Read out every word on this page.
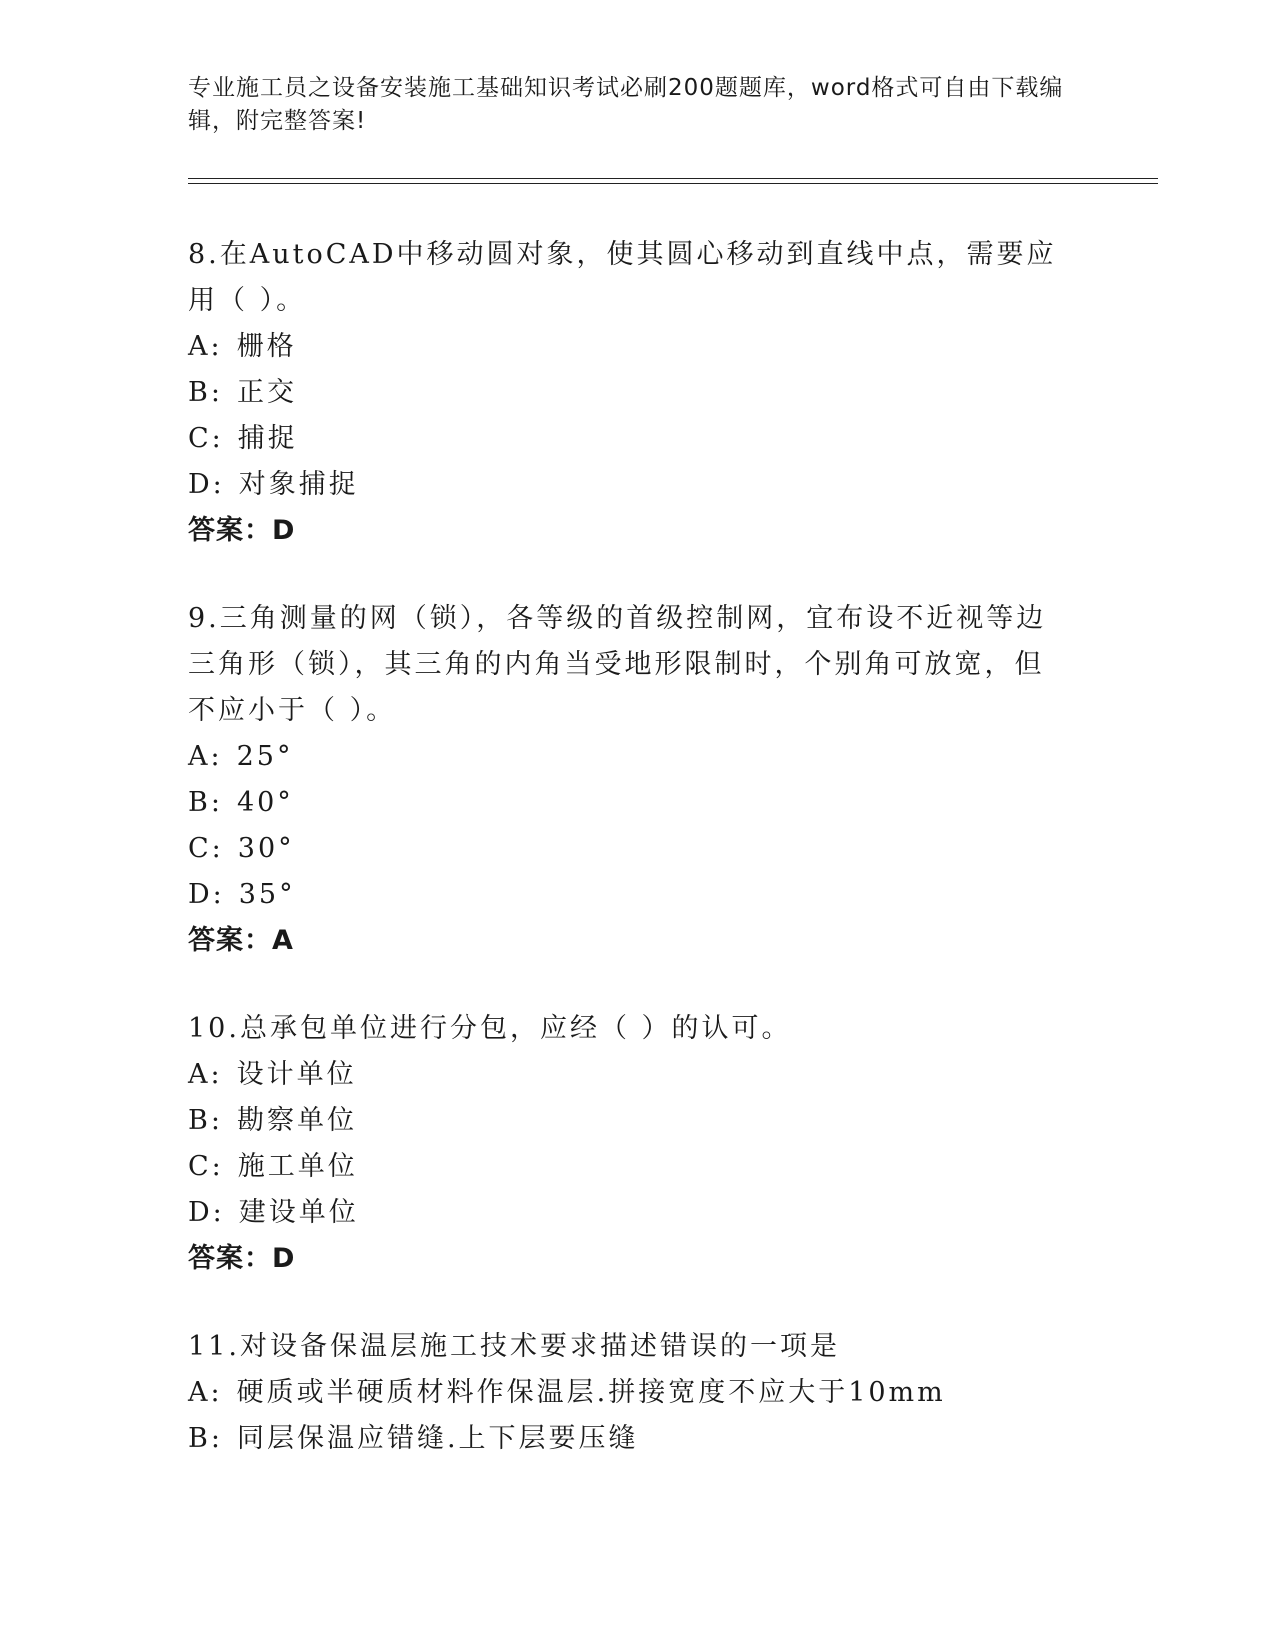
专业施工员之设备安装施工基础知识考试必刷200题题库，word格式可自由下载编辑，附完整答案!

8.在AutoCAD中移动圆对象，使其圆心移动到直线中点，需要应用（ ）。

A: 栅格

B: 正交

C: 捕捉

D: 对象捕捉

答案：D

9.三角测量的网（锁），各等级的首级控制网，宜布设不近视等边三角形（锁），其三角的内角当受地形限制时，个别角可放宽，但不应小于（ ）。

A: 25°

B: 40°

C: 30°

D: 35°

答案：A

10.总承包单位进行分包，应经（ ）的认可。

A: 设计单位

B: 勘察单位

C: 施工单位

D: 建设单位

答案：D

11.对设备保温层施工技术要求描述错误的一项是

A: 硬质或半硬质材料作保温层.拼接宽度不应大于10mm

B: 同层保温应错缝.上下层要压缝
